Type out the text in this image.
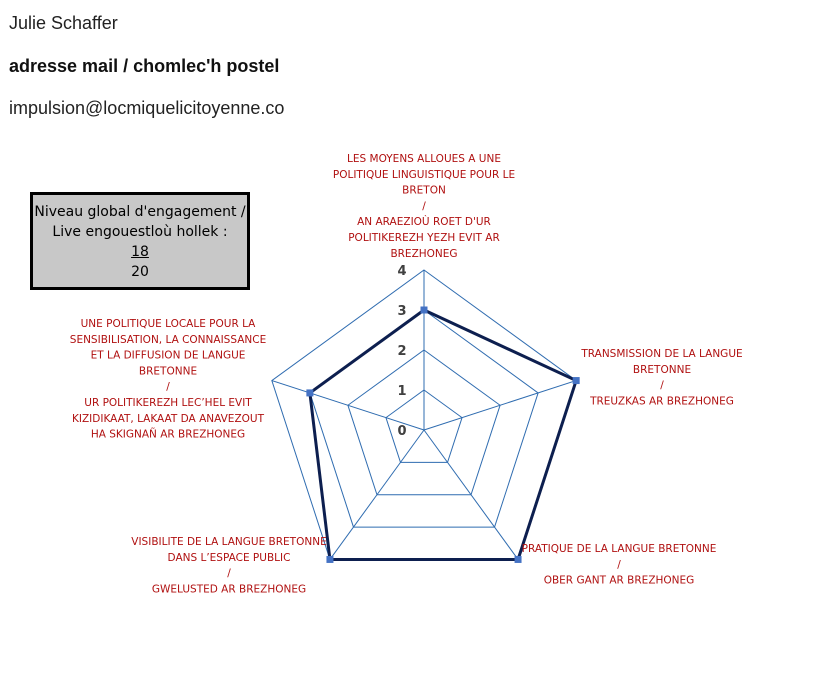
Julie Schaffer
adresse mail / chomlec'h postel
impulsion@locmiquelicitoyenne.co
Niveau global d'engagement /
Live engouestloù hollek :
18
20
0
1
2
3
4
LES MOYENS ALLOUES A UNE POLITIQUE LINGUISTIQUE POUR LE BRETON / AN ARAEZIOÙ ROET D'UR POLITIKEREZH YEZH EVIT AR BREZHONEG
TRANSMISSION DE LA LANGUE BRETONNE / TREUZKAS AR BREZHONEG
PRATIQUE DE LA LANGUE BRETONNE / OBER GANT AR BREZHONEG
VISIBILITE DE LA LANGUE BRETONNE DANS L’ESPACE PUBLIC / GWELUSTED AR BREZHONEG
UNE POLITIQUE LOCALE POUR LA SENSIBILISATION, LA CONNAISSANCE ET LA DIFFUSION DE LANGUE BRETONNE / UR POLITIKEREZH LEC’HEL EVIT KIZIDIKAAT, LAKAAT DA ANAVEZOUT HA SKIGNAÑ AR BREZHONEG
